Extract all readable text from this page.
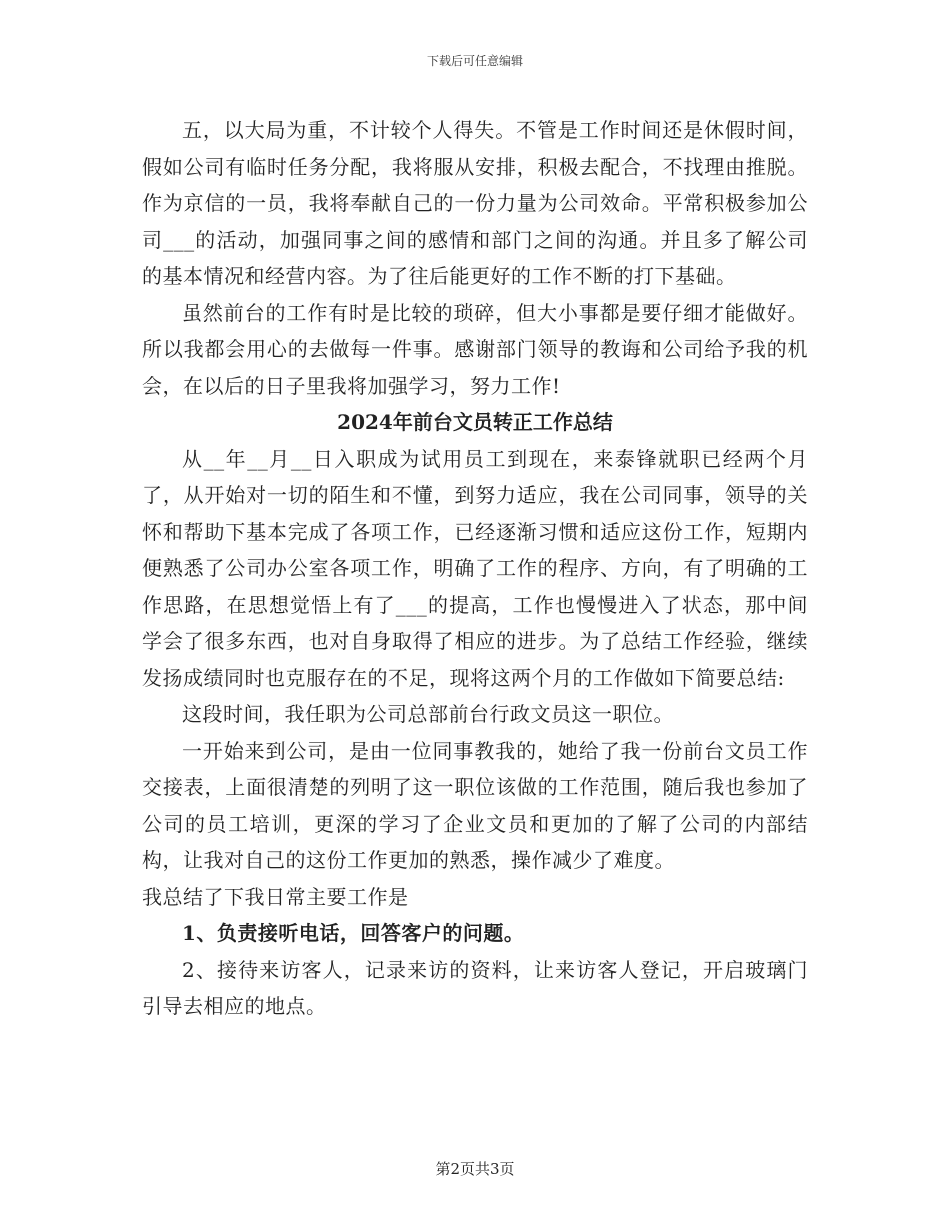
下载后可任意编辑

五，以大局为重，不计较个人得失。不管是工作时间还是休假时间，假如公司有临时任务分配，我将服从安排，积极去配合，不找理由推脱。作为京信的一员，我将奉献自己的一份力量为公司效命。平常积极参加公司___的活动，加强同事之间的感情和部门之间的沟通。并且多了解公司的基本情况和经营内容。为了往后能更好的工作不断的打下基础。

虽然前台的工作有时是比较的琐碎，但大小事都是要仔细才能做好。所以我都会用心的去做每一件事。感谢部门领导的教诲和公司给予我的机会，在以后的日子里我将加强学习，努力工作!

2024年前台文员转正工作总结

从__年__月__日入职成为试用员工到现在，来泰锋就职已经两个月了，从开始对一切的陌生和不懂，到努力适应，我在公司同事，领导的关怀和帮助下基本完成了各项工作，已经逐渐习惯和适应这份工作，短期内便熟悉了公司办公室各项工作，明确了工作的程序、方向，有了明确的工作思路，在思想觉悟上有了___的提高，工作也慢慢进入了状态，那中间学会了很多东西，也对自身取得了相应的进步。为了总结工作经验，继续发扬成绩同时也克服存在的不足，现将这两个月的工作做如下简要总结:

这段时间，我任职为公司总部前台行政文员这一职位。

一开始来到公司，是由一位同事教我的，她给了我一份前台文员工作交接表，上面很清楚的列明了这一职位该做的工作范围，随后我也参加了公司的员工培训，更深的学习了企业文员和更加的了解了公司的内部结构，让我对自己的这份工作更加的熟悉，操作减少了难度。

我总结了下我日常主要工作是

1、负责接听电话，回答客户的问题。

2、接待来访客人，记录来访的资料，让来访客人登记，开启玻璃门引导去相应的地点。

第2页共3页
